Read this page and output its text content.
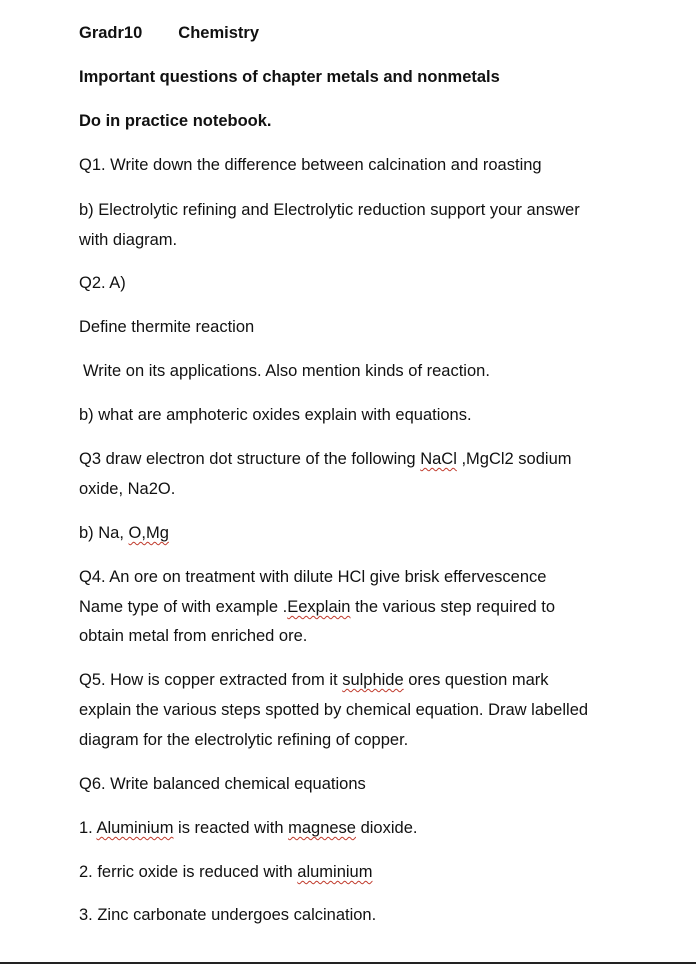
Gradr10 Chemistry
Important questions of chapter metals and nonmetals
Do in practice notebook.
Q1. Write down the difference between calcination and roasting
b) Electrolytic refining and Electrolytic reduction support your answer
with diagram.
Q2. A)
Define thermite reaction
Write on its applications. Also mention kinds of reaction.
b) what are amphoteric oxides explain with equations.
Q3 draw electron dot structure of the following NaCl ,MgCl2 sodium
oxide, Na2O.
b) Na, O,Mg
Q4. An ore on treatment with dilute HCl give brisk effervescence
Name type of with example .Eexplain the various step required to
obtain metal from enriched ore.
Q5. How is copper extracted from it sulphide ores question mark
explain the various steps spotted by chemical equation. Draw labelled
diagram for the electrolytic refining of copper.
Q6. Write balanced chemical equations
1. Aluminium is reacted with magnese dioxide.
2. ferric oxide is reduced with aluminium
3. Zinc carbonate undergoes calcination.
